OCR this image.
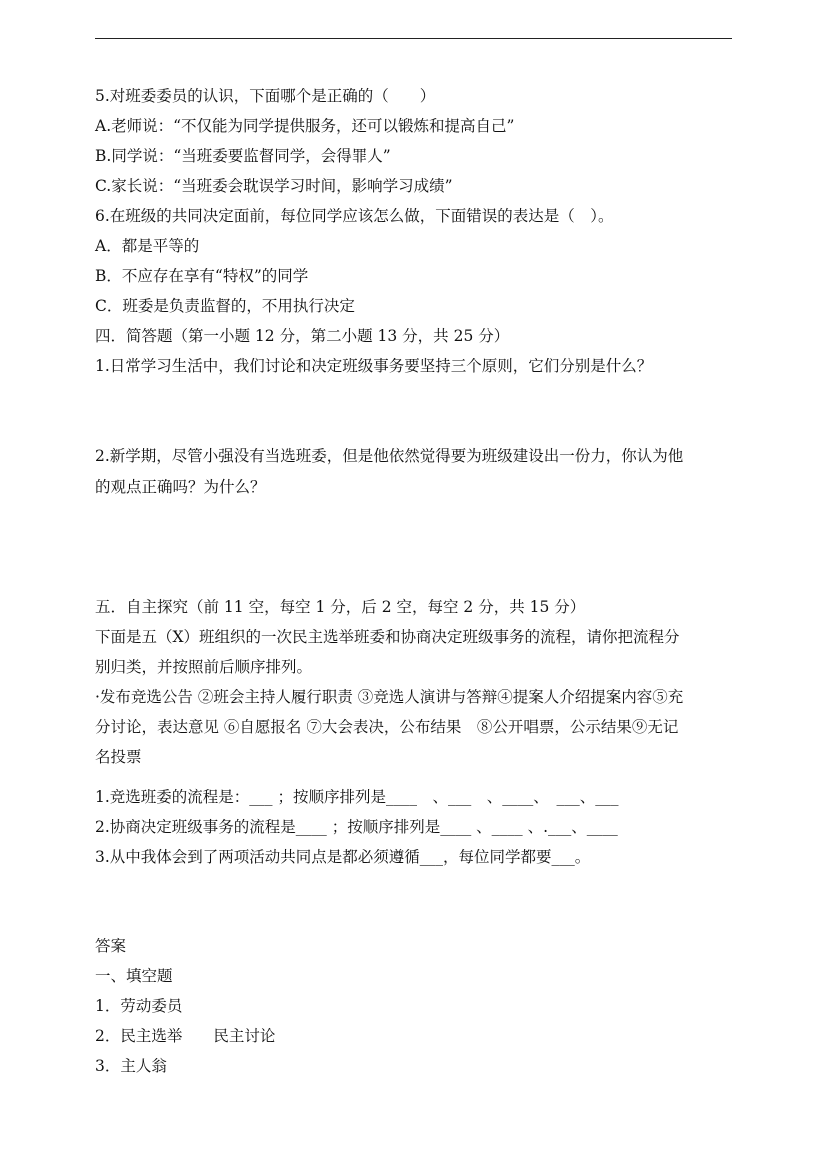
5.对班委委员的认识，下面哪个是正确的（　　）
A.老师说：“不仅能为同学提供服务，还可以锻炼和提高自己”
B.同学说：“当班委要监督同学，会得罪人”
C.家长说：“当班委会耽误学习时间，影响学习成绩”
6.在班级的共同决定面前，每位同学应该怎么做，下面错误的表达是（　）。
A．都是平等的
B．不应存在享有“特权”的同学
C．班委是负责监督的，不用执行决定
四．简答题（第一小题 12 分，第二小题 13 分，共 25 分）
1.日常学习生活中，我们讨论和决定班级事务要坚持三个原则，它们分别是什么？
2.新学期，尽管小强没有当选班委，但是他依然觉得要为班级建设出一份力，你认为他
的观点正确吗？为什么？
五．自主探究（前 11 空，每空 1 分，后 2 空，每空 2 分，共 15 分）
下面是五（X）班组织的一次民主选举班委和协商决定班级事务的流程，请你把流程分
别归类，并按照前后顺序排列。
·发布竞选公告 ②班会主持人履行职责 ③竞选人演讲与答辩④提案人介绍提案内容⑤充
分讨论，表达意见 ⑥自愿报名 ⑦大会表决，公布结果　⑧公开唱票，公示结果⑨无记
名投票
1.竞选班委的流程是：___ ；按顺序排列是____　、___　、____、　___、___
2.协商决定班级事务的流程是____ ；按顺序排列是____ 、____ 、.___、____
3.从中我体会到了两项活动共同点是都必须遵循___，每位同学都要___。
答案
一、填空题
1．劳动委员
2．民主选举　　民主讨论
3．主人翁
